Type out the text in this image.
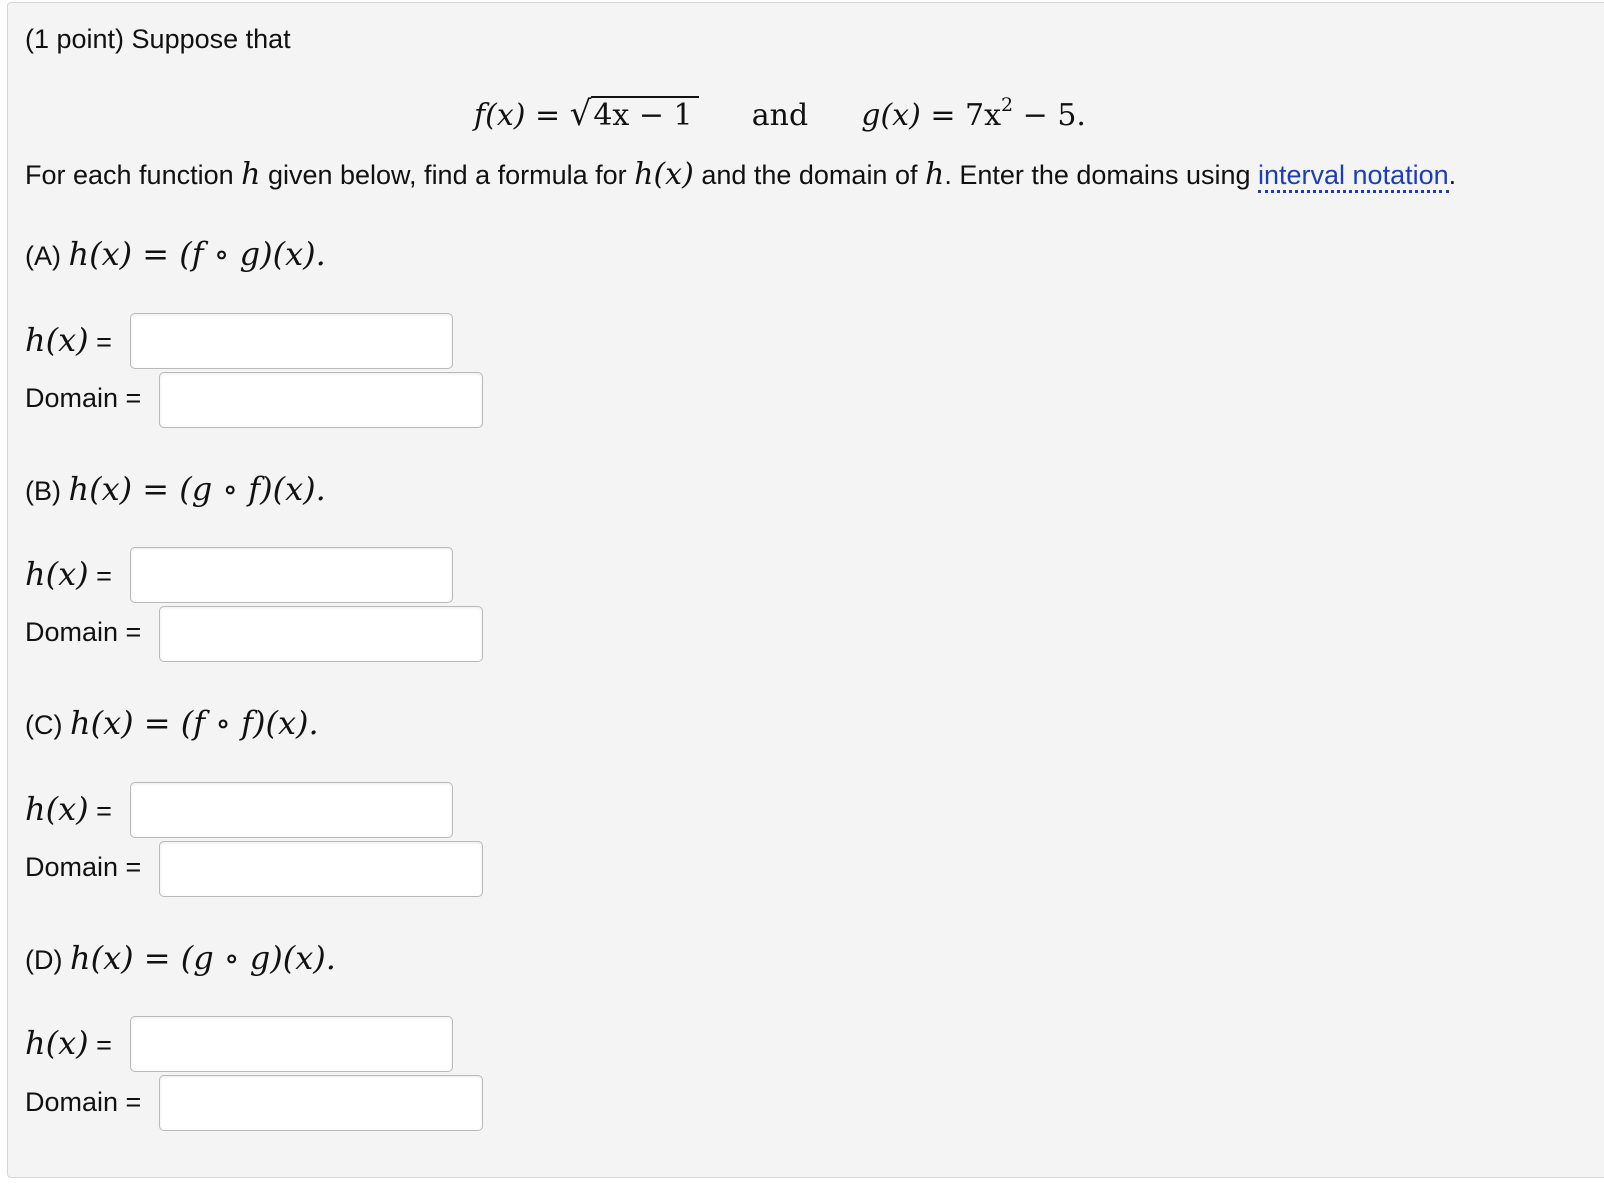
(1 point) Suppose that
f(x) = √4x − 1 and $g(x) = 7x^2 - 5$.
For each function h given below, find a formula for h(x) and the domain of h. Enter the domains using interval notation.
(A) h(x) = (f ∘ g)(x).
h(x) =
Domain =
(B) h(x) = (g ∘ f)(x).
h(x) =
Domain =
(C) h(x) = (f ∘ f)(x).
h(x) =
Domain =
(D) h(x) = (g ∘ g)(x).
h(x) =
Domain =
